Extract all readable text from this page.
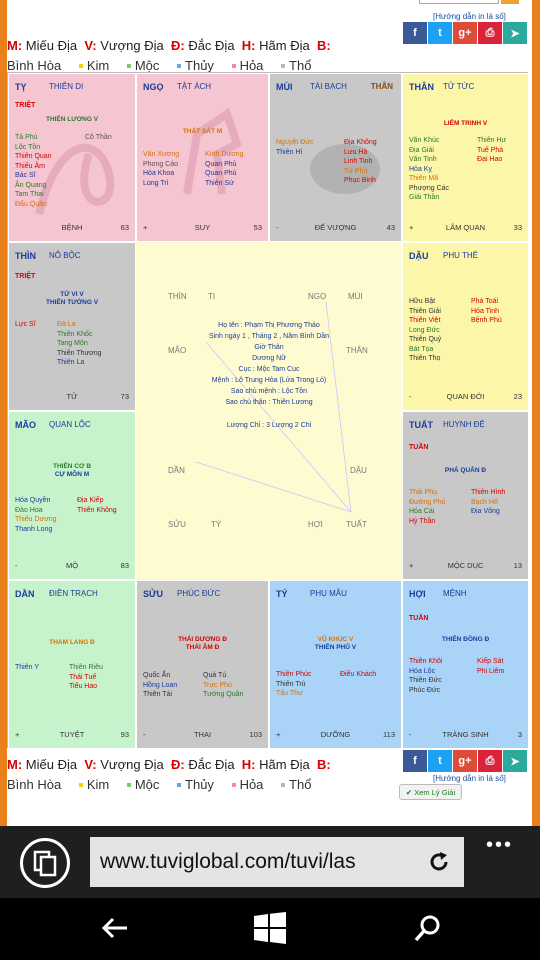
M: Miếu Địa V: Vượng Địa Đ: Đắc Địa H: Hãm Địa B:
Bình Hòa Kim Mộc Thủy Hỏa Thổ
[Hướng dẫn in lá số]
f	t	g+	⎙	➤
TỴ	THIÊN DI
TRIỆT
THIÊN LƯƠNG V
Tả Phù
Lộc Tồn
Thiên Quan
Thiếu Âm
Bác Sĩ
Ân Quang
Tam Thai
Đẩu Quân
Cô Thần
BỆNH	63
NGỌ TẬT ÁCH
THẤT SÁT M
Văn Xương
Phong Cáo
Hỏa Khoa
Long Trì
Kình Dương
Quan Phủ
Quan Phù
Thiên Sứ
+	SUY	53
MÙI TÀI BẠCH	THÂN
Nguyệt Đức
Thiên Hỉ
Địa Không
Lưu Hà
Linh Tinh
Tử Phù
Phục Binh
-	ĐẾ VƯỢNG	43
THÂN TỬ TỨC
LIÊM TRINH V
Văn Khúc
Địa Giải
Văn Tinh
Hỏa Kỵ
Thiên Mã
Phượng Các
Giải Thần
Thiên Hư
Tuế Phá
Đại Hao
+	LÂM QUAN	33
THÌN NÔ BỘC
TRIỆT
TỬ VI V
THIÊN TƯỚNG V
Lực Sĩ	Đà La
Thiên Khốc
Tang Môn
Thiên Thương
Thiên La
TỬ	73
DẬU PHU THÊ
Hữu Bật
Thiên Giải
Thiên Việt
Long Đức
Thiên Quý
Bát Tọa
Thiên Thọ
Phá Toái
Hóa Tinh
Bệnh Phù
-	QUAN ĐỚI	23
MÃO QUAN LỘC
THIÊN CƠ B
CỰ MÔN M
Hóa Quyền
Đào Hoa
Thiếu Dương
Thanh Long
Địa Kiếp
Thiên Không
-	MỘ	83
TUẤT HUYNH ĐỆ
TUẦN
PHÁ QUÂN Đ
Thái Phụ
Đường Phù
Hóa Cái
Hỷ Thần
Thiên Hình
Bạch Hổ
Địa Võng
+	MỘC DỤC	13
DẦN ĐIỀN TRẠCH
THAM LANG Đ
Thiên Y	Thiên Riêu
Thái Tuế
Tiểu Hao
+	TUYỆT	93
SỬU PHÚC ĐỨC
THÁI DƯƠNG Đ
THÁI ÂM Đ
Quốc Ấn
Hồng Loan
Thiên Tài
Quả Tú
Trực Phù
Tướng Quân
-	THAI	103
TÝ	PHỤ MẪU
VŨ KHÚC V
THIÊN PHỦ V
Thiên Phúc
Thiên Trù
Tấu Thư
Điếu Khách
+	DƯỠNG	113
HỢI MỆNH
TUẦN
THIÊN ĐỒNG Đ
Thiên Khôi
Hóa Lộc
Thiên Đức
Phúc Đức
Kiếp Sát
Phi Liêm
-	TRÀNG SINH	3
THÌN	TỊ	NGỌ	MÙI
MÃO	THÂN
DẦN	DẬU
SỬU	TÝ	HỢI	TUẤT
Họ tên : Phạm Thị Phương Thảo
Sinh ngày 1 , Tháng 2 , Năm Bính Dần
Giờ Thân
Dương Nữ
Cục : Mộc Tam Cục
Mệnh : Lô Trung Hỏa (Lửa Trong Lò)
Sao chủ mệnh : Lộc Tồn
Sao chủ thân : Thiên Lương
Lượng Chỉ : 3 Lượng 2 Chỉ
M: Miếu Địa V: Vượng Địa Đ: Đắc Địa H: Hãm Địa B:
Bình Hòa Kim Mộc Thủy Hỏa Thổ
f	t	g+	⎙	➤
[Hướng dẫn in lá số]
✔ Xem Lý Giải
www.tuviglobal.com/tuvi/las
•••
